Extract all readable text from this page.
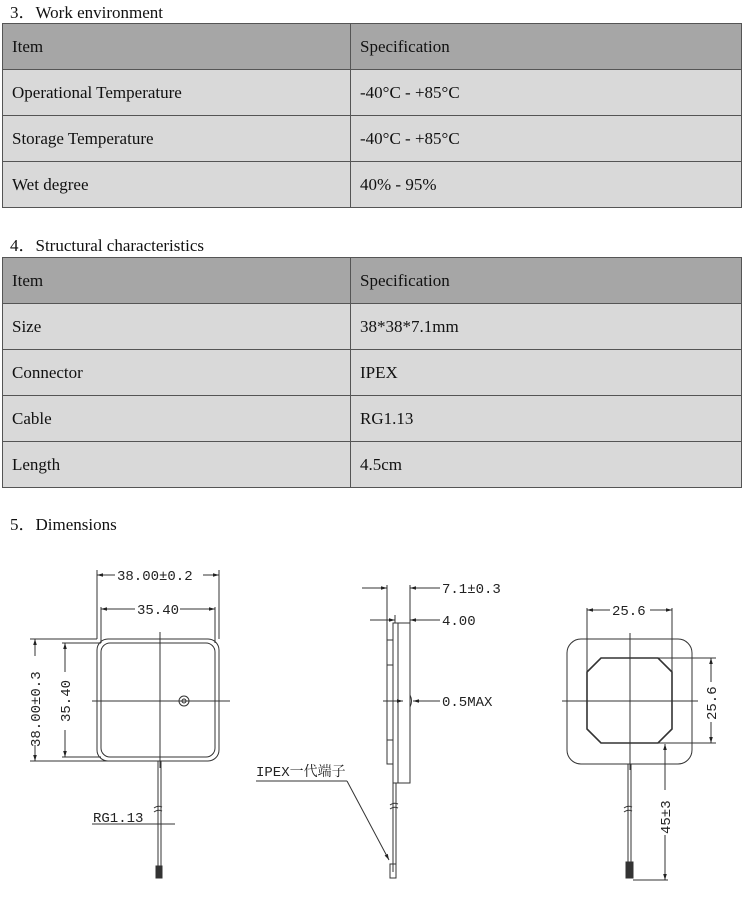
3．Work environment
Item	Specification
Operational Temperature	-40°C - +85°C
Storage Temperature	-40°C - +85°C
Wet degree	40% - 95%
4．Structural characteristics
Item	Specification
Size	38*38*7.1mm
Connector	IPEX
Cable	RG1.13
Length	4.5cm
5．Dimensions
38.00±0.2
35.40
38.00±0.3 35.40
RG1.13
7.1±0.3
4.00
0.5MAX
IPEX一代端子
25.6
25.6
45±3
